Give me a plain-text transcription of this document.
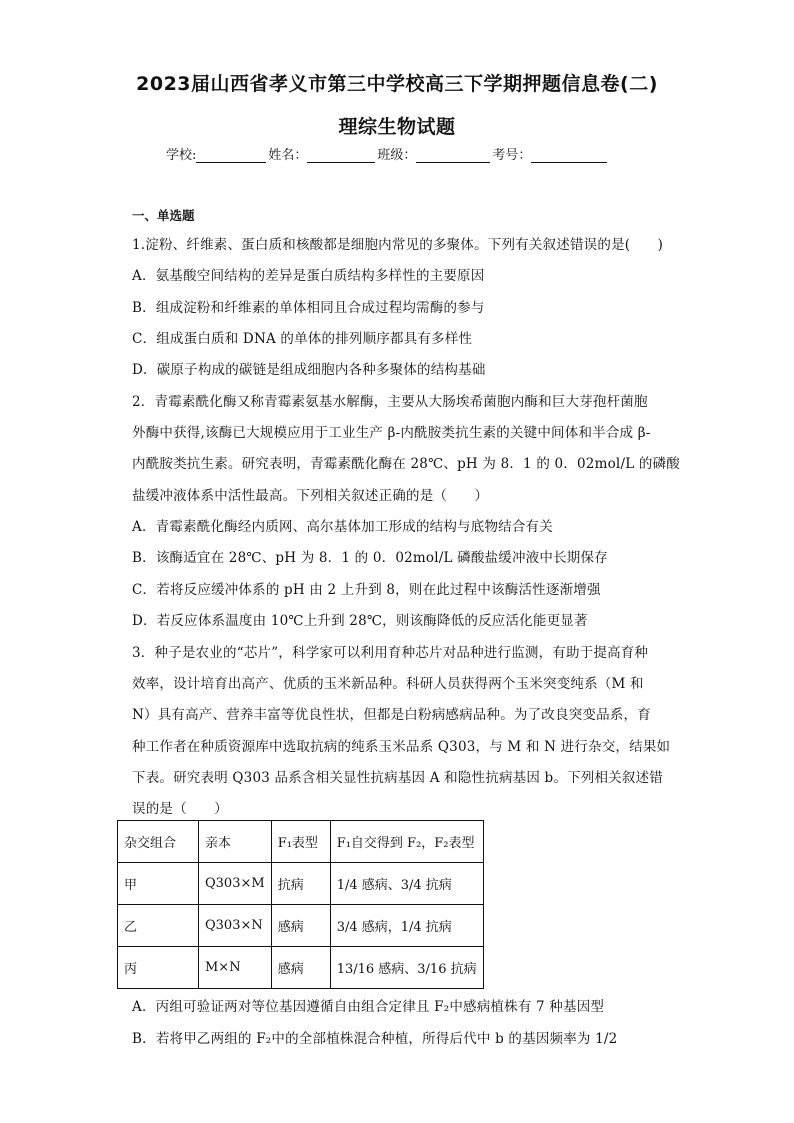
2023届山西省孝义市第三中学校高三下学期押题信息卷(二)
理综生物试题
学校:	姓名：	班级：	考号：
一、单选题
1.淀粉、纤维素、蛋白质和核酸都是细胞内常见的多聚体。下列有关叙述错误的是(　　)
A．氨基酸空间结构的差异是蛋白质结构多样性的主要原因
B．组成淀粉和纤维素的单体相同且合成过程均需酶的参与
C．组成蛋白质和 DNA 的单体的排列顺序都具有多样性
D．碳原子构成的碳链是组成细胞内各种多聚体的结构基础
2．青霉素酰化酶又称青霉素氨基水解酶，主要从大肠埃希菌胞内酶和巨大芽孢杆菌胞
外酶中获得,该酶已大规模应用于工业生产 β-内酰胺类抗生素的关键中间体和半合成 β-
内酰胺类抗生素。研究表明，青霉素酰化酶在 28℃、pH 为 8．1 的 0．02mol/L 的磷酸
盐缓冲液体系中活性最高。下列相关叙述正确的是（　　）
A．青霉素酰化酶经内质网、高尔基体加工形成的结构与底物结合有关
B．该酶适宜在 28℃、pH 为 8．1 的 0．02mol/L 磷酸盐缓冲液中长期保存
C．若将反应缓冲体系的 pH 由 2 上升到 8，则在此过程中该酶活性逐渐增强
D．若反应体系温度由 10℃上升到 28℃，则该酶降低的反应活化能更显著
3．种子是农业的“芯片”，科学家可以利用育种芯片对品种进行监测，有助于提高育种
效率，设计培育出高产、优质的玉米新品种。科研人员获得两个玉米突变纯系（M 和
N）具有高产、营养丰富等优良性状，但都是白粉病感病品种。为了改良突变品系，育
种工作者在种质资源库中选取抗病的纯系玉米品系 Q303，与 M 和 N 进行杂交，结果如
下表。研究表明 Q303 品系含相关显性抗病基因 A 和隐性抗病基因 b。下列相关叙述错
误的是（　　）
杂交组合	亲本	F₁表型	F₁自交得到 F₂，F₂表型
甲	Q303×M	抗病	1/4 感病、3/4 抗病
乙	Q303×N	感病	3/4 感病，1/4 抗病
丙	M×N	感病	13/16 感病、3/16 抗病
A．丙组可验证两对等位基因遵循自由组合定律且 F₂中感病植株有 7 种基因型
B．若将甲乙两组的 F₂中的全部植株混合种植，所得后代中 b 的基因频率为 1/2
